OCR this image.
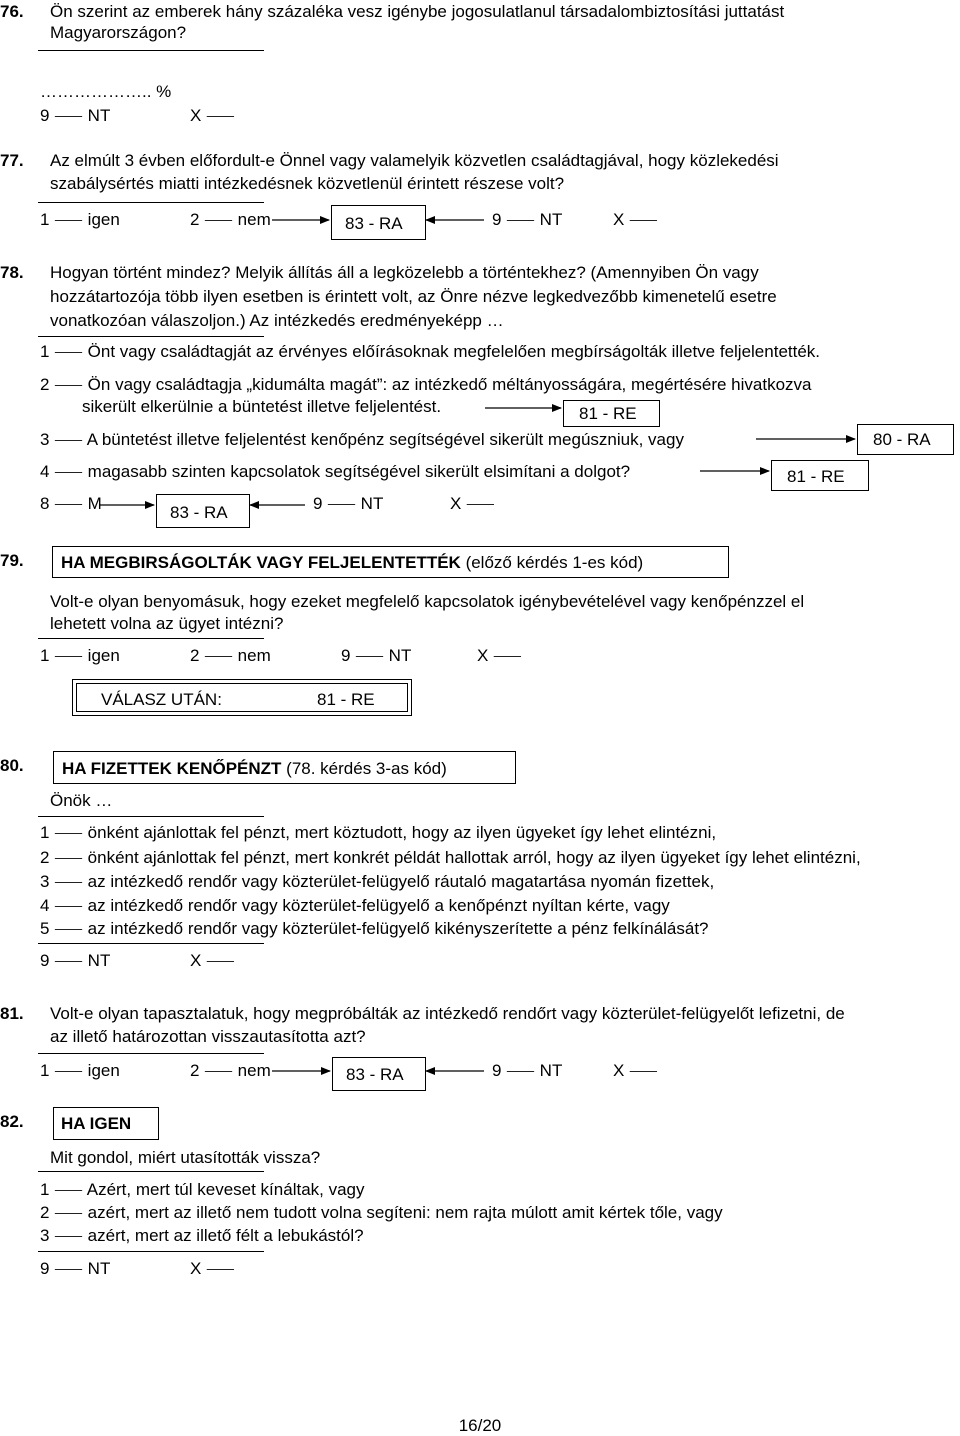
76. Ön szerint az emberek hány százaléka vesz igénybe jogosulatlanul társadalombiztosítási juttatást
Magyarországon?
……………….. %
9 ⸺ NT	X ⸺
77. Az elmúlt 3 évben előfordult-e Önnel vagy valamelyik közvetlen családtagjával, hogy közlekedési
szabálysértés miatti intézkedésnek közvetlenül érintett részese volt?
1 ⸺ igen	2 ⸺ nem	83 - RA	9 ⸺ NT	X ⸺
78. Hogyan történt mindez? Melyik állítás áll a legközelebb a történtekhez? (Amennyiben Ön vagy
hozzátartozója több ilyen esetben is érintett volt, az Önre nézve legkedvezőbb kimenetelű esetre
vonatkozóan válaszoljon.) Az intézkedés eredményeképp …
1 ⸺ Önt vagy családtagját az érvényes előírásoknak megfelelően megbírságolták illetve feljelentették.
2 ⸺ Ön vagy családtagja „kidumálta magát”: az intézkedő méltányosságára, megértésére hivatkozva
sikerült elkerülnie a büntetést illetve feljelentést.	81 - RE
3 ⸺ A büntetést illetve feljelentést kenőpénz segítségével sikerült megúszniuk, vagy	80 - RA
4 ⸺ magasabb szinten kapcsolatok segítségével sikerült elsimítani a dolgot?	81 - RE
8 ⸺ M	83 - RA	9 ⸺ NT	X ⸺
79. HA MEGBIRSÁGOLTÁK VAGY FELJELENTETTÉK (előző kérdés 1-es kód)
Volt-e olyan benyomásuk, hogy ezeket megfelelő kapcsolatok igénybevételével vagy kenőpénzzel el
lehetett volna az ügyet intézni?
1 ⸺ igen	2 ⸺ nem	9 ⸺ NT	X ⸺
VÁLASZ UTÁN:	81 - RE
80. HA FIZETTEK KENŐPÉNZT (78. kérdés 3-as kód)
Önök …
1 ⸺ önként ajánlottak fel pénzt, mert köztudott, hogy az ilyen ügyeket így lehet elintézni,
2 ⸺ önként ajánlottak fel pénzt, mert konkrét példát hallottak arról, hogy az ilyen ügyeket így lehet elintézni,
3 ⸺ az intézkedő rendőr vagy közterület-felügyelő ráutaló magatartása nyomán fizettek,
4 ⸺ az intézkedő rendőr vagy közterület-felügyelő a kenőpénzt nyíltan kérte, vagy
5 ⸺ az intézkedő rendőr vagy közterület-felügyelő kikényszerítette a pénz felkínálását?
9 ⸺ NT	X ⸺
81. Volt-e olyan tapasztalatuk, hogy megpróbálták az intézkedő rendőrt vagy közterület-felügyelőt lefizetni, de
az illető határozottan visszautasította azt?
1 ⸺ igen	2 ⸺ nem	83 - RA	9 ⸺ NT	X ⸺
82. HA IGEN
Mit gondol, miért utasították vissza?
1 ⸺ Azért, mert túl keveset kínáltak, vagy
2 ⸺ azért, mert az illető nem tudott volna segíteni: nem rajta múlott amit kértek tőle, vagy
3 ⸺ azért, mert az illető félt a lebukástól?
9 ⸺ NT	X ⸺
16/20
